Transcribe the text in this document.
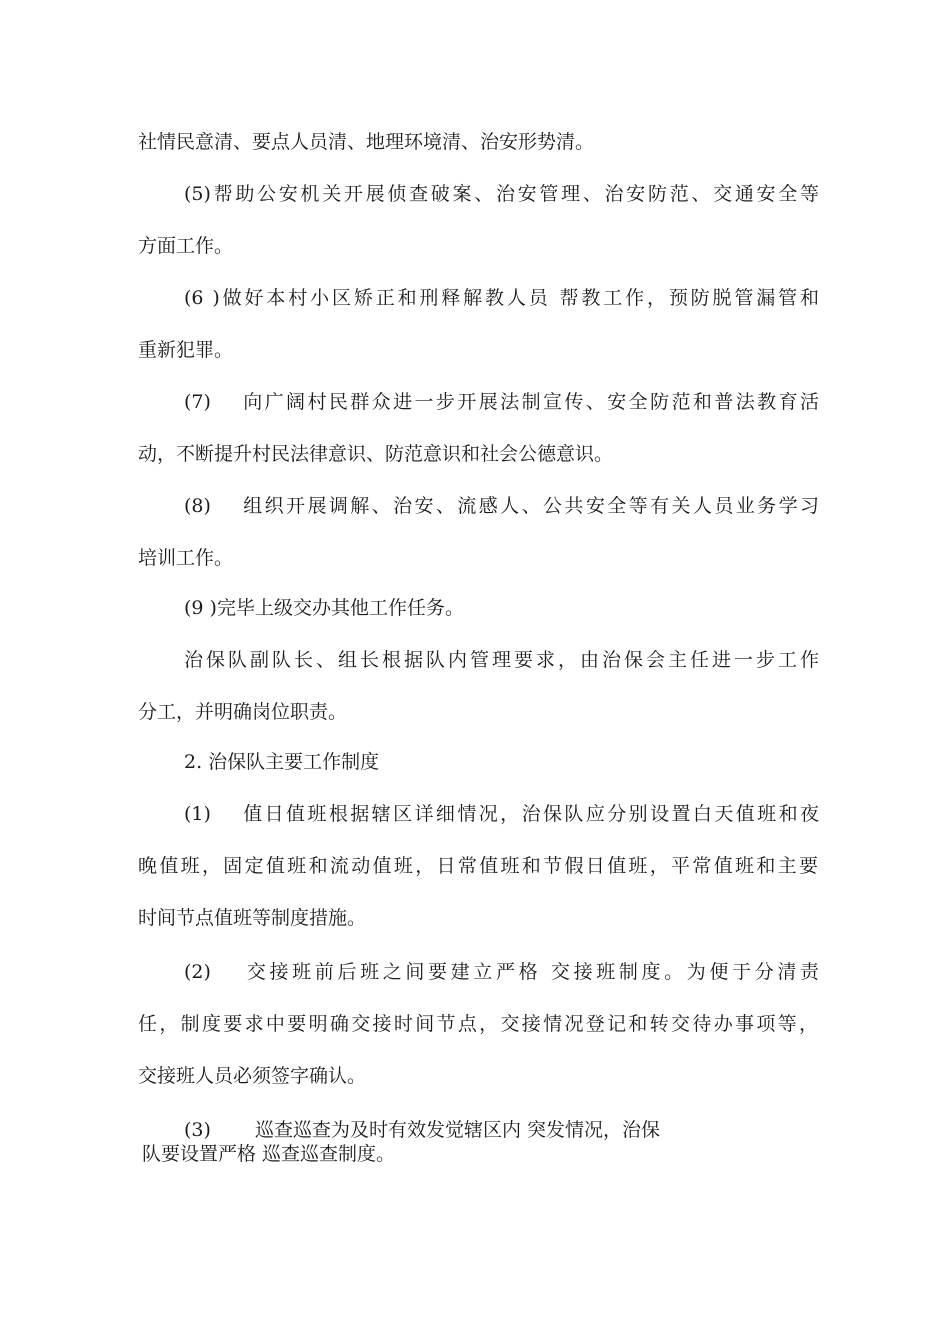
社情民意清、要点人员清、地理环境清、治安形势清。
(5)帮助公安机关开展侦查破案、治安管理、治安防范、交通安全等
方面工作。
(6 )做好本村小区矫正和刑释解教人员 帮教工作，预防脱管漏管和
重新犯罪。
(7)　 向广阔村民群众进一步开展法制宣传、安全防范和普法教育活
动，不断提升村民法律意识、防范意识和社会公德意识。
(8)　 组织开展调解、治安、流感人、公共安全等有关人员业务学习
培训工作。
(9 )完毕上级交办其他工作任务。
治保队副队长、组长根据队内管理要求，由治保会主任进一步工作
分工，并明确岗位职责。
2. 治保队主要工作制度
(1)　 值日值班根据辖区详细情况，治保队应分别设置白天值班和夜
晚值班，固定值班和流动值班，日常值班和节假日值班，平常值班和主要
时间节点值班等制度措施。
(2)　 交接班前后班之间要建立严格 交接班制度。为便于分清责
任，制度要求中要明确交接时间节点，交接情况登记和转交待办事项等，
交接班人员必须签字确认。
(3)　　 巡查巡查为及时有效发觉辖区内 突发情况，治保
队要设置严格 巡查巡查制度。
